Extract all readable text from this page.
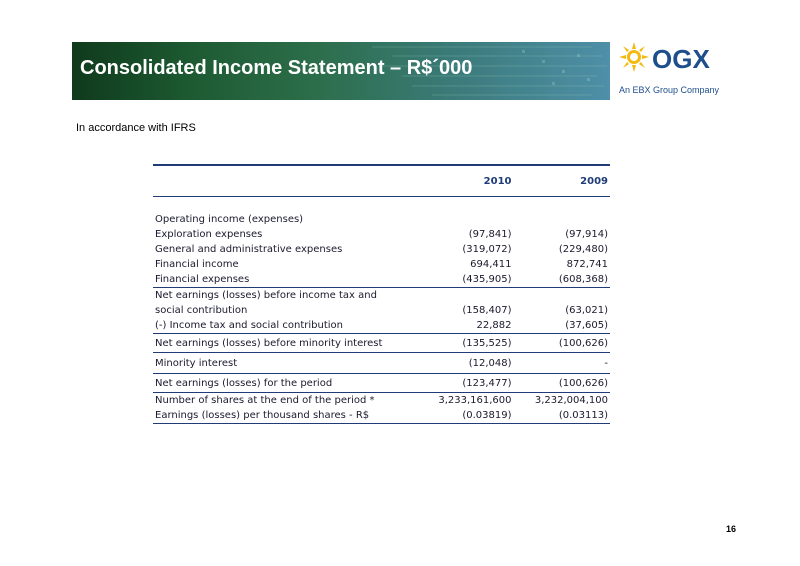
Consolidated Income Statement – R$´000	OGX
An EBX Group Company
In accordance with IFRS
	2010	2009

Operating income (expenses)		
Exploration expenses	(97,841)	(97,914)
General and administrative expenses	(319,072)	(229,480)
Financial income	694,411	872,741
Financial expenses	(435,905)	(608,368)
Net earnings (losses) before income tax and		
social contribution	(158,407)	(63,021)
(-) Income tax and social contribution	22,882	(37,605)
Net earnings (losses) before minority interest	(135,525)	(100,626)
Minority interest	(12,048)	-
Net earnings (losses) for the period	(123,477)	(100,626)
Number of shares at the end of the period *	3,233,161,600	3,232,004,100
Earnings (losses) per thousand shares - R$	(0.03819)	(0.03113)
16
